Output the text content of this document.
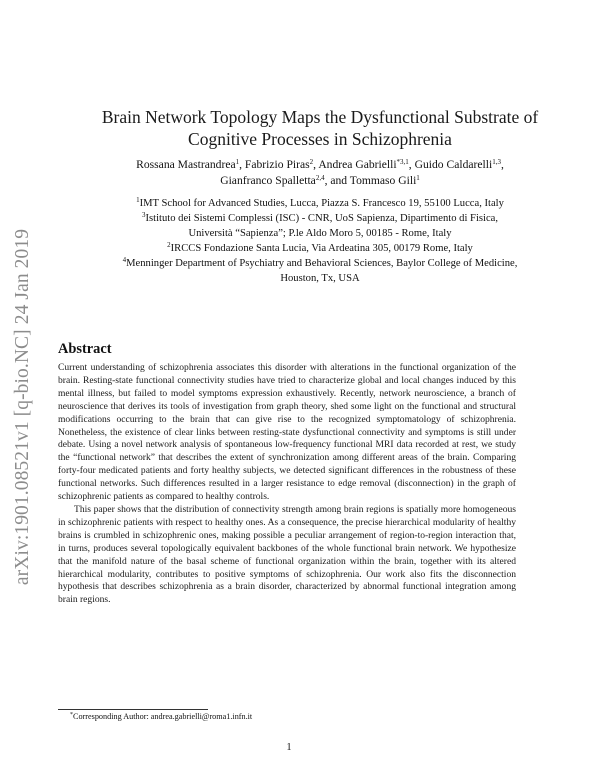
arXiv:1901.08521v1 [q-bio.NC] 24 Jan 2019
Brain Network Topology Maps the Dysfunctional Substrate of
Cognitive Processes in Schizophrenia
Rossana Mastrandrea$^1$, Fabrizio Piras$^2$, Andrea Gabrielli$^{*3,1}$, Guido Caldarelli$^{1,3}$,
Gianfranco Spalletta$^{2,4}$, and Tommaso Gili$^1$
$^1$IMT School for Advanced Studies, Lucca, Piazza S. Francesco 19, 55100 Lucca, Italy
$^3$Istituto dei Sistemi Complessi (ISC) - CNR, UoS Sapienza, Dipartimento di Fisica,
Università “Sapienza”; P.le Aldo Moro 5, 00185 - Rome, Italy
$^2$IRCCS Fondazione Santa Lucia, Via Ardeatina 305, 00179 Rome, Italy
$^4$Menninger Department of Psychiatry and Behavioral Sciences, Baylor College of Medicine,
Houston, Tx, USA
Abstract

Current understanding of schizophrenia associates this disorder with alterations in the functional organization of the brain. Resting-state functional connectivity studies have tried to characterize global and local changes induced by this mental illness, but failed to model symptoms expression exhaustively. Recently, network neuroscience, a branch of neuroscience that derives its tools of investigation from graph theory, shed some light on the functional and structural modifications occurring to the brain that can give rise to the recognized symptomatology of schizophrenia. Nonetheless, the existence of clear links between resting-state dysfunctional connectivity and symptoms is still under debate. Using a novel network analysis of spontaneous low-frequency functional MRI data recorded at rest, we study the “functional network” that describes the extent of synchronization among different areas of the brain. Comparing forty-four medicated patients and forty healthy subjects, we detected significant differences in the robustness of these functional networks. Such differences resulted in a larger resistance to edge removal (disconnection) in the graph of schizophrenic patients as compared to healthy controls.

This paper shows that the distribution of connectivity strength among brain regions is spatially more homogeneous in schizophrenic patients with respect to healthy ones. As a consequence, the precise hierarchical modularity of healthy brains is crumbled in schizophrenic ones, making possible a peculiar arrangement of region-to-region interaction that, in turns, produces several topologically equivalent backbones of the whole functional brain network. We hypothesize that the manifold nature of the basal scheme of functional organization within the brain, together with its altered hierarchical modularity, contributes to positive symptoms of schizophrenia. Our work also fits the disconnection hypothesis that describes schizophrenia as a brain disorder, characterized by abnormal functional integration among brain regions.

*Corresponding Author: andrea.gabrielli@roma1.infn.it
1
